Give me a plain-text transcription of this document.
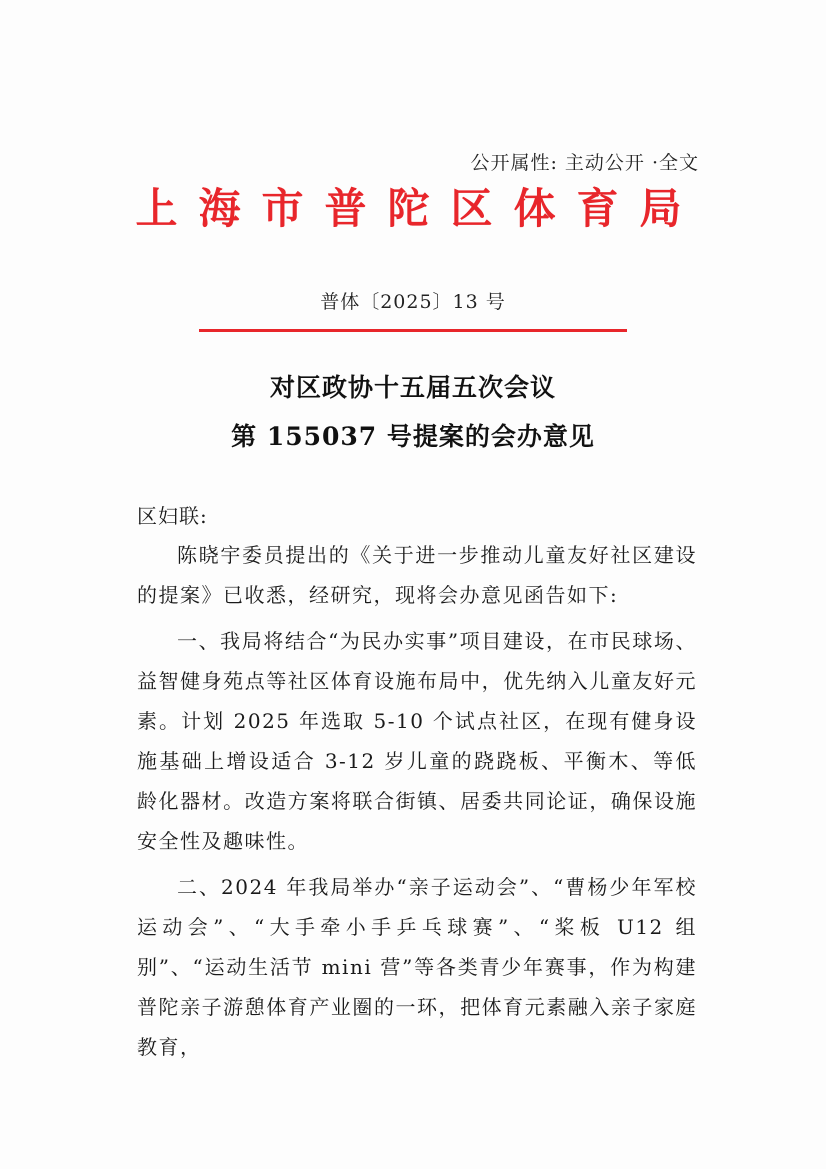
公开属性: 主动公开 ·全文
上海市普陀区体育局
普体〔2025〕13 号
对区政协十五届五次会议
第 155037 号提案的会办意见
区妇联:

陈晓宇委员提出的《关于进一步推动儿童友好社区建设的提案》已收悉，经研究，现将会办意见函告如下:

一、我局将结合“为民办实事”项目建设，在市民球场、益智健身苑点等社区体育设施布局中，优先纳入儿童友好元素。计划 2025 年选取 5-10 个试点社区，在现有健身设施基础上增设适合 3-12 岁儿童的跷跷板、平衡木、等低龄化器材。改造方案将联合街镇、居委共同论证，确保设施安全性及趣味性。

二、2024 年我局举办“亲子运动会”、“曹杨少年军校运动会”、“大手牵小手乒乓球赛”、“桨板 U12 组别”、“运动生活节 mini 营”等各类青少年赛事，作为构建普陀亲子游憩体育产业圈的一环，把体育元素融入亲子家庭教育，
